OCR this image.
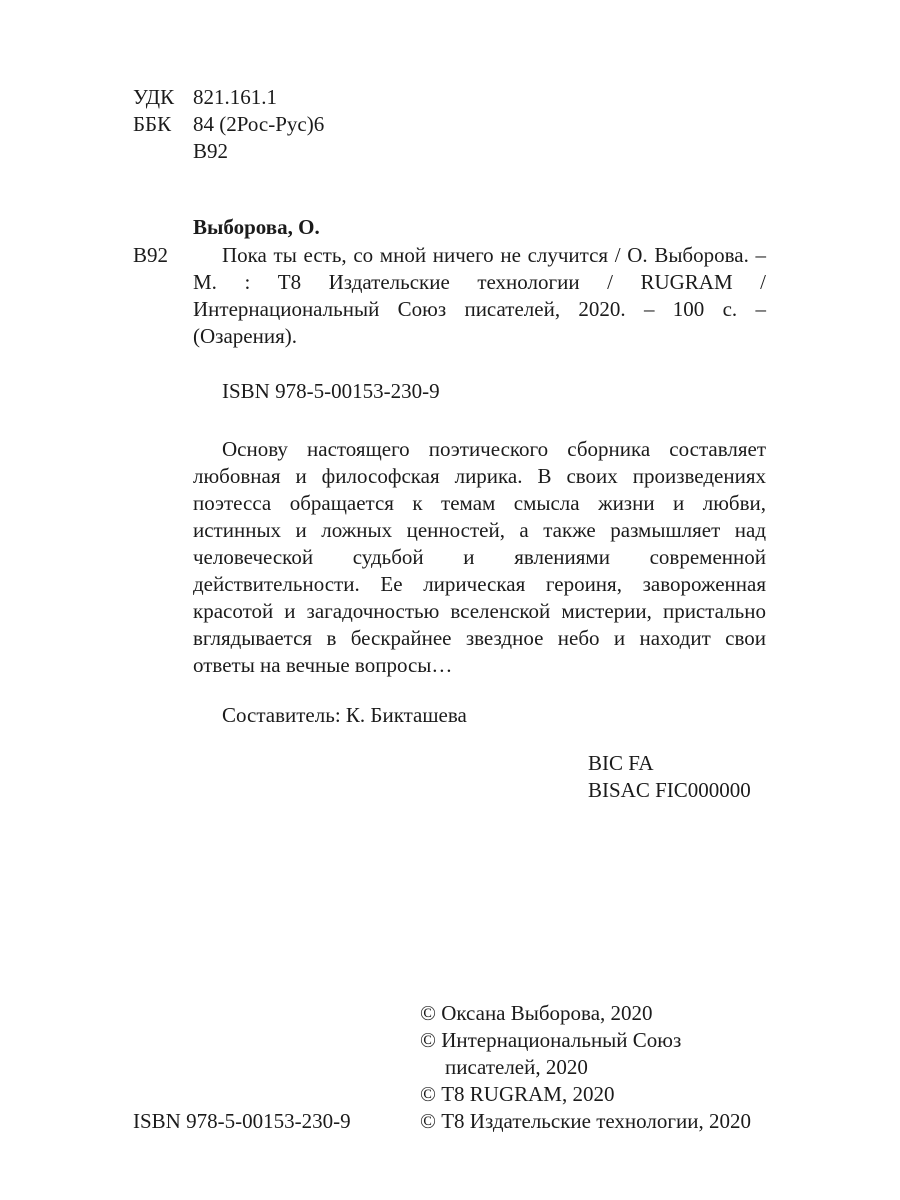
УДК 821.161.1
ББК 84 (2Рос-Рус)6
В92
Выборова, О.
В92	Пока ты есть, со мной ничего не случится / О. Выборова. – М. : Т8 Издательские технологии / RUGRAM / Интернациональный Союз писателей, 2020. – 100 с. – (Озарения).

ISBN 978-5-00153-230-9

Основу настоящего поэтического сборника составляет любовная и философская лирика. В своих произведениях поэтесса обращается к темам смысла жизни и любви, истинных и ложных ценностей, а также размышляет над человеческой судьбой и явлениями современной действительности. Ее лирическая героиня, завороженная красотой и загадочностью вселенской мистерии, пристально вглядывается в бескрайнее звездное небо и находит свои ответы на вечные вопросы…

Составитель: К. Бикташева
BIC FA
BISAC FIC000000
© Оксана Выборова, 2020
© Интернациональный Союз писателей, 2020
© Т8 RUGRAM, 2020
© Т8 Издательские технологии, 2020
ISBN 978-5-00153-230-9
